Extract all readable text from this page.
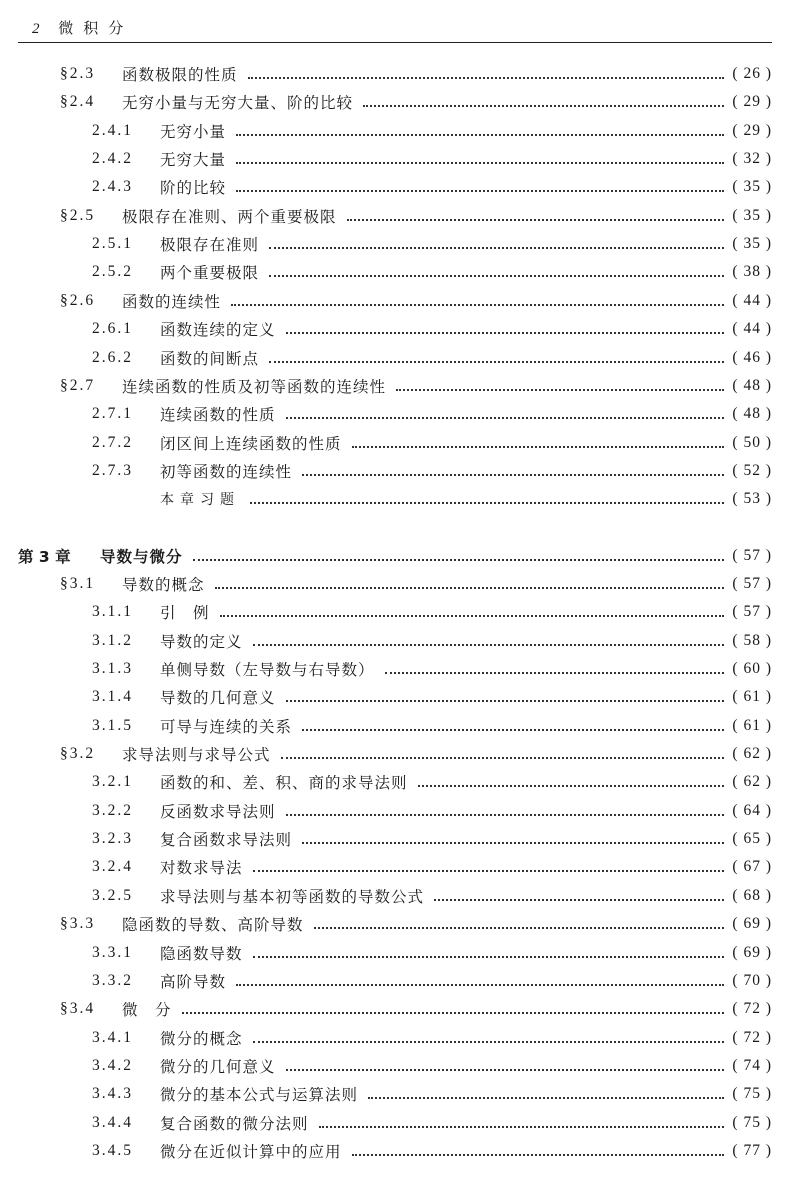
2 微积分
§2.3	函数极限的性质	( 26 )
§2.4	无穷小量与无穷大量、阶的比较	( 29 )
2.4.1	无穷小量	( 29 )
2.4.2	无穷大量	( 32 )
2.4.3	阶的比较	( 35 )
§2.5	极限存在准则、两个重要极限	( 35 )
2.5.1	极限存在准则	( 35 )
2.5.2	两个重要极限	( 38 )
§2.6	函数的连续性	( 44 )
2.6.1	函数连续的定义	( 44 )
2.6.2	函数的间断点	( 46 )
§2.7	连续函数的性质及初等函数的连续性	( 48 )
2.7.1	连续函数的性质	( 48 )
2.7.2	闭区间上连续函数的性质	( 50 )
2.7.3	初等函数的连续性	( 52 )
本章习题	( 53 )
第 3 章	导数与微分	( 57 )
§3.1	导数的概念	( 57 )
3.1.1	引　例	( 57 )
3.1.2	导数的定义	( 58 )
3.1.3	单侧导数（左导数与右导数）	( 60 )
3.1.4	导数的几何意义	( 61 )
3.1.5	可导与连续的关系	( 61 )
§3.2	求导法则与求导公式	( 62 )
3.2.1	函数的和、差、积、商的求导法则	( 62 )
3.2.2	反函数求导法则	( 64 )
3.2.3	复合函数求导法则	( 65 )
3.2.4	对数求导法	( 67 )
3.2.5	求导法则与基本初等函数的导数公式	( 68 )
§3.3	隐函数的导数、高阶导数	( 69 )
3.3.1	隐函数导数	( 69 )
3.3.2	高阶导数	( 70 )
§3.4	微　分	( 72 )
3.4.1	微分的概念	( 72 )
3.4.2	微分的几何意义	( 74 )
3.4.3	微分的基本公式与运算法则	( 75 )
3.4.4	复合函数的微分法则	( 75 )
3.4.5	微分在近似计算中的应用	( 77 )
